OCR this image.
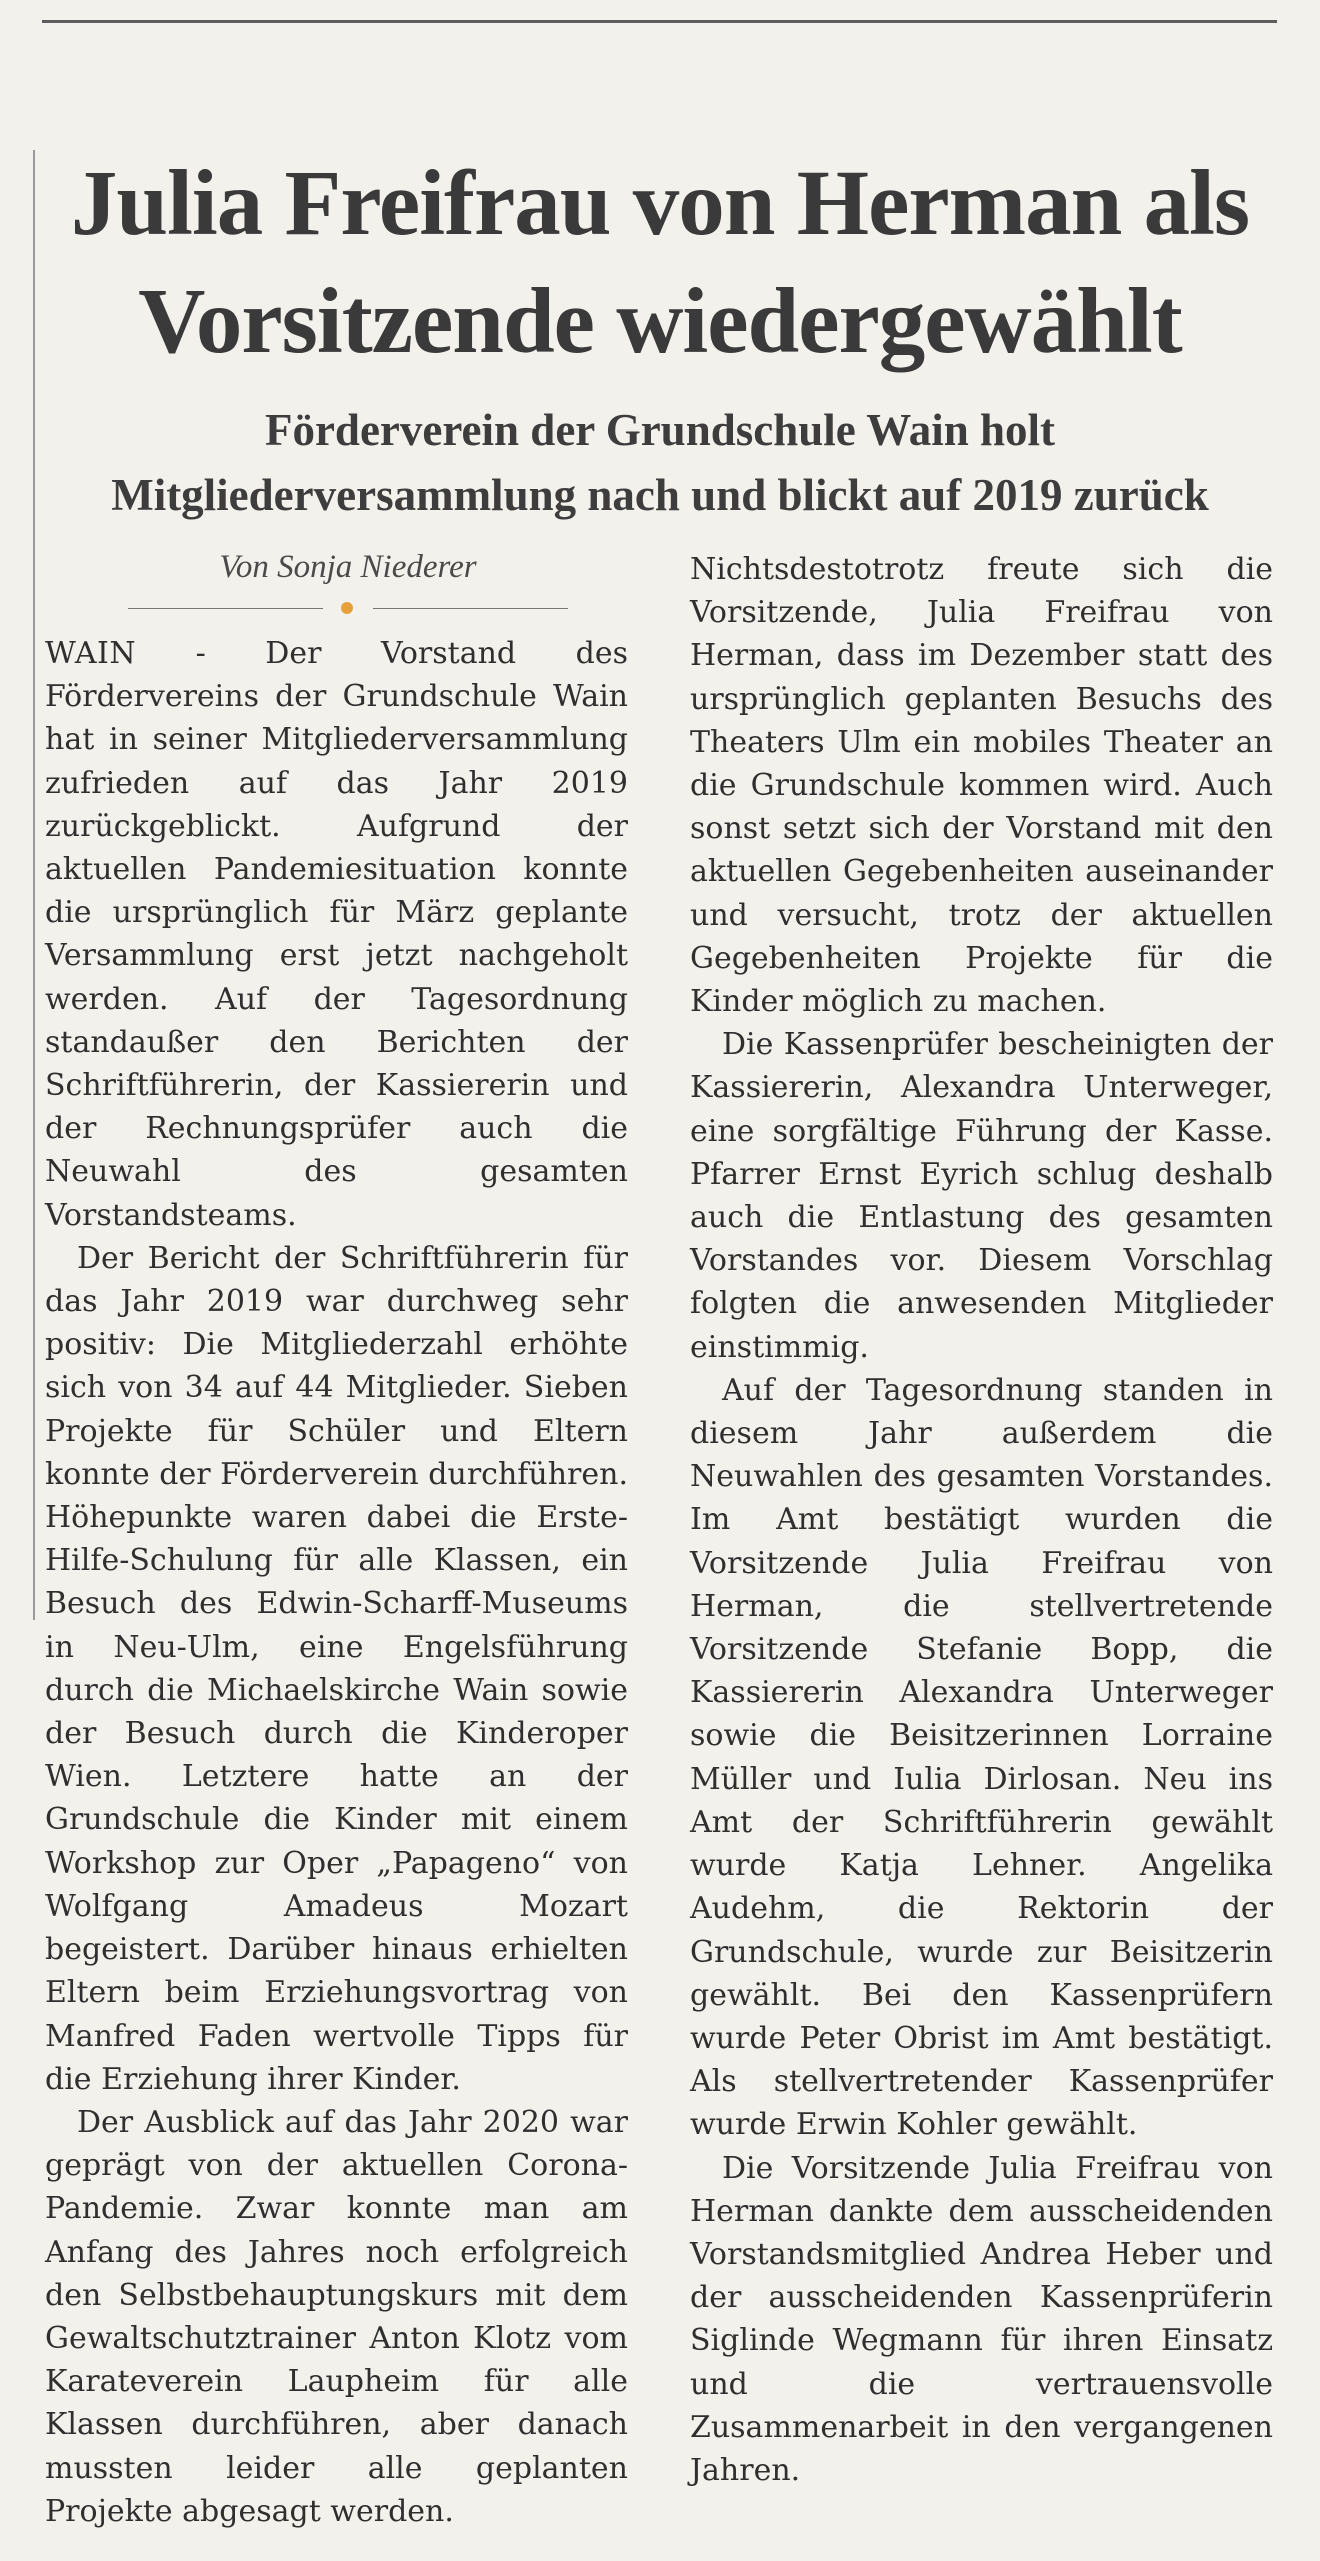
Julia Freifrau von Herman als Vorsitzende wiedergewählt
Förderverein der Grundschule Wain holt Mitgliederversammlung nach und blickt auf 2019 zurück
Von Sonja Niederer

WAIN - Der Vorstand des Fördervereins der Grundschule Wain hat in seiner Mitgliederversammlung zufrieden auf das Jahr 2019 zurückgeblickt. Aufgrund der aktuellen Pandemiesituation konnte die ursprünglich für März geplante Versammlung erst jetzt nachgeholt werden. Auf der Tagesordnung standaußer den Berichten der Schriftführerin, der Kassiererin und der Rechnungsprüfer auch die Neuwahl des gesamten Vorstandsteams.

Der Bericht der Schriftführerin für das Jahr 2019 war durchweg sehr positiv: Die Mitgliederzahl erhöhte sich von 34 auf 44 Mitglieder. Sieben Projekte für Schüler und Eltern konnte der Förderverein durchführen. Höhepunkte waren dabei die Erste-Hilfe-Schulung für alle Klassen, ein Besuch des Edwin-Scharff-Museums in Neu-Ulm, eine Engelsführung durch die Michaelskirche Wain sowie der Besuch durch die Kinderoper Wien. Letztere hatte an der Grundschule die Kinder mit einem Workshop zur Oper „Papageno“ von Wolfgang Amadeus Mozart begeistert. Darüber hinaus erhielten Eltern beim Erziehungsvortrag von Manfred Faden wertvolle Tipps für die Erziehung ihrer Kinder.

Der Ausblick auf das Jahr 2020 war geprägt von der aktuellen Corona-Pandemie. Zwar konnte man am Anfang des Jahres noch erfolgreich den Selbstbehauptungskurs mit dem Gewaltschutztrainer Anton Klotz vom Karateverein Laupheim für alle Klassen durchführen, aber danach mussten leider alle geplanten Projekte abgesagt werden.

Nichtsdestotrotz freute sich die Vorsitzende, Julia Freifrau von Herman, dass im Dezember statt des ursprünglich geplanten Besuchs des Theaters Ulm ein mobiles Theater an die Grundschule kommen wird. Auch sonst setzt sich der Vorstand mit den aktuellen Gegebenheiten auseinander und versucht, trotz der aktuellen Gegebenheiten Projekte für die Kinder möglich zu machen.

Die Kassenprüfer bescheinigten der Kassiererin, Alexandra Unterweger, eine sorgfältige Führung der Kasse. Pfarrer Ernst Eyrich schlug deshalb auch die Entlastung des gesamten Vorstandes vor. Diesem Vorschlag folgten die anwesenden Mitglieder einstimmig.

Auf der Tagesordnung standen in diesem Jahr außerdem die Neuwahlen des gesamten Vorstandes. Im Amt bestätigt wurden die Vorsitzende Julia Freifrau von Herman, die stellvertretende Vorsitzende Stefanie Bopp, die Kassiererin Alexandra Unterweger sowie die Beisitzerinnen Lorraine Müller und Iulia Dirlosan. Neu ins Amt der Schriftführerin gewählt wurde Katja Lehner. Angelika Audehm, die Rektorin der Grundschule, wurde zur Beisitzerin gewählt. Bei den Kassenprüfern wurde Peter Obrist im Amt bestätigt. Als stellvertretender Kassenprüfer wurde Erwin Kohler gewählt.

Die Vorsitzende Julia Freifrau von Herman dankte dem ausscheidenden Vorstandsmitglied Andrea Heber und der ausscheidenden Kassenprüferin Siglinde Wegmann für ihren Einsatz und die vertrauensvolle Zusammenarbeit in den vergangenen Jahren.
